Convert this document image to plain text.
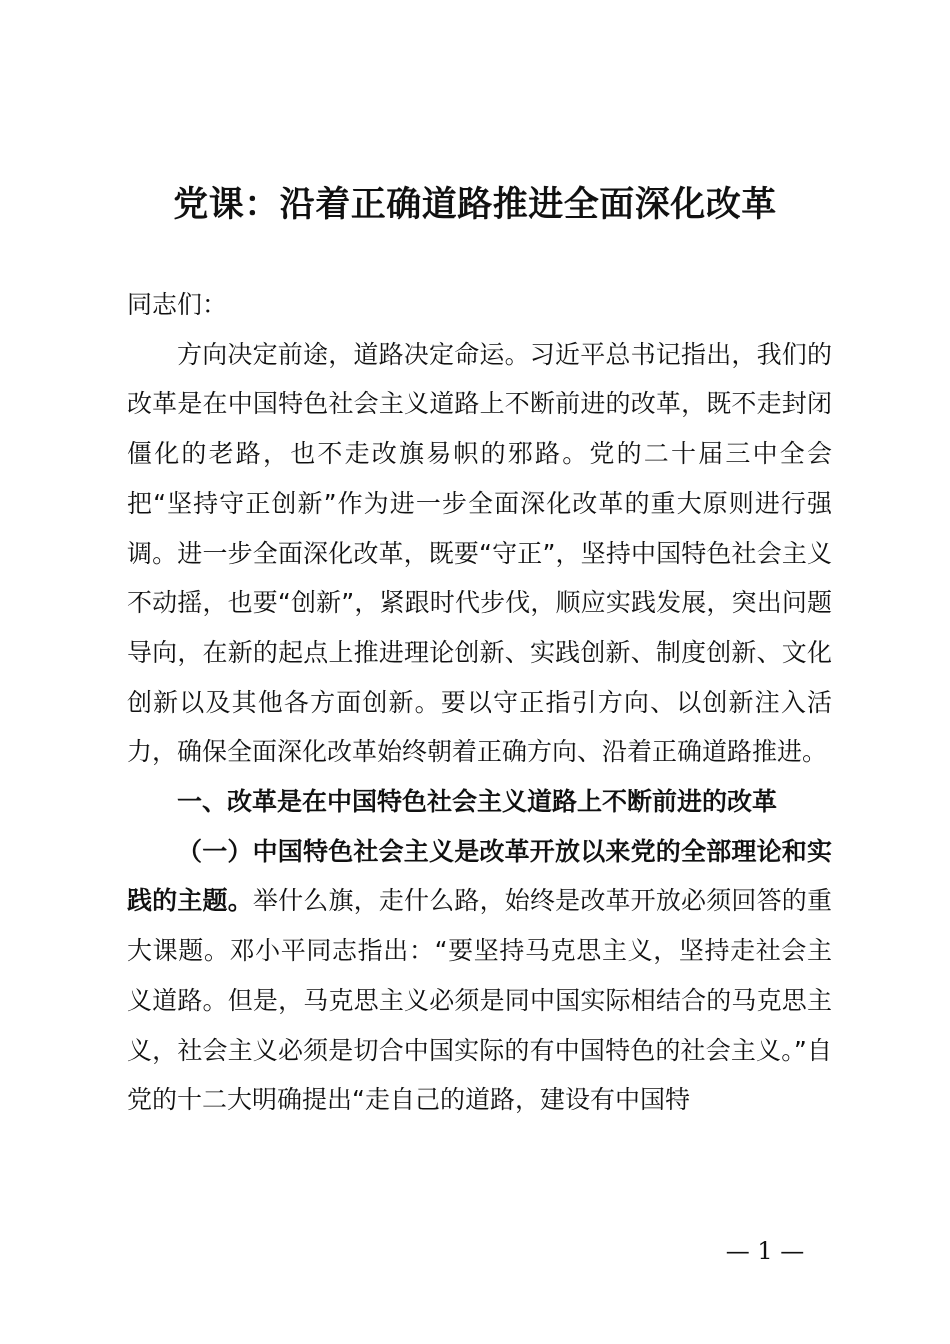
党课：沿着正确道路推进全面深化改革

同志们：

方向决定前途，道路决定命运。习近平总书记指出，我们的改革是在中国特色社会主义道路上不断前进的改革，既不走封闭僵化的老路，也不走改旗易帜的邪路。党的二十届三中全会把“坚持守正创新”作为进一步全面深化改革的重大原则进行强调。进一步全面深化改革，既要“守正”，坚持中国特色社会主义不动摇，也要“创新”，紧跟时代步伐，顺应实践发展，突出问题导向，在新的起点上推进理论创新、实践创新、制度创新、文化创新以及其他各方面创新。要以守正指引方向、以创新注入活力，确保全面深化改革始终朝着正确方向、沿着正确道路推进。

一、改革是在中国特色社会主义道路上不断前进的改革

（一）中国特色社会主义是改革开放以来党的全部理论和实践的主题。举什么旗，走什么路，始终是改革开放必须回答的重大课题。邓小平同志指出：“要坚持马克思主义，坚持走社会主义道路。但是，马克思主义必须是同中国实际相结合的马克思主义，社会主义必须是切合中国实际的有中国特色的社会主义。”自党的十二大明确提出“走自己的道路，建设有中国特

— 1 —
